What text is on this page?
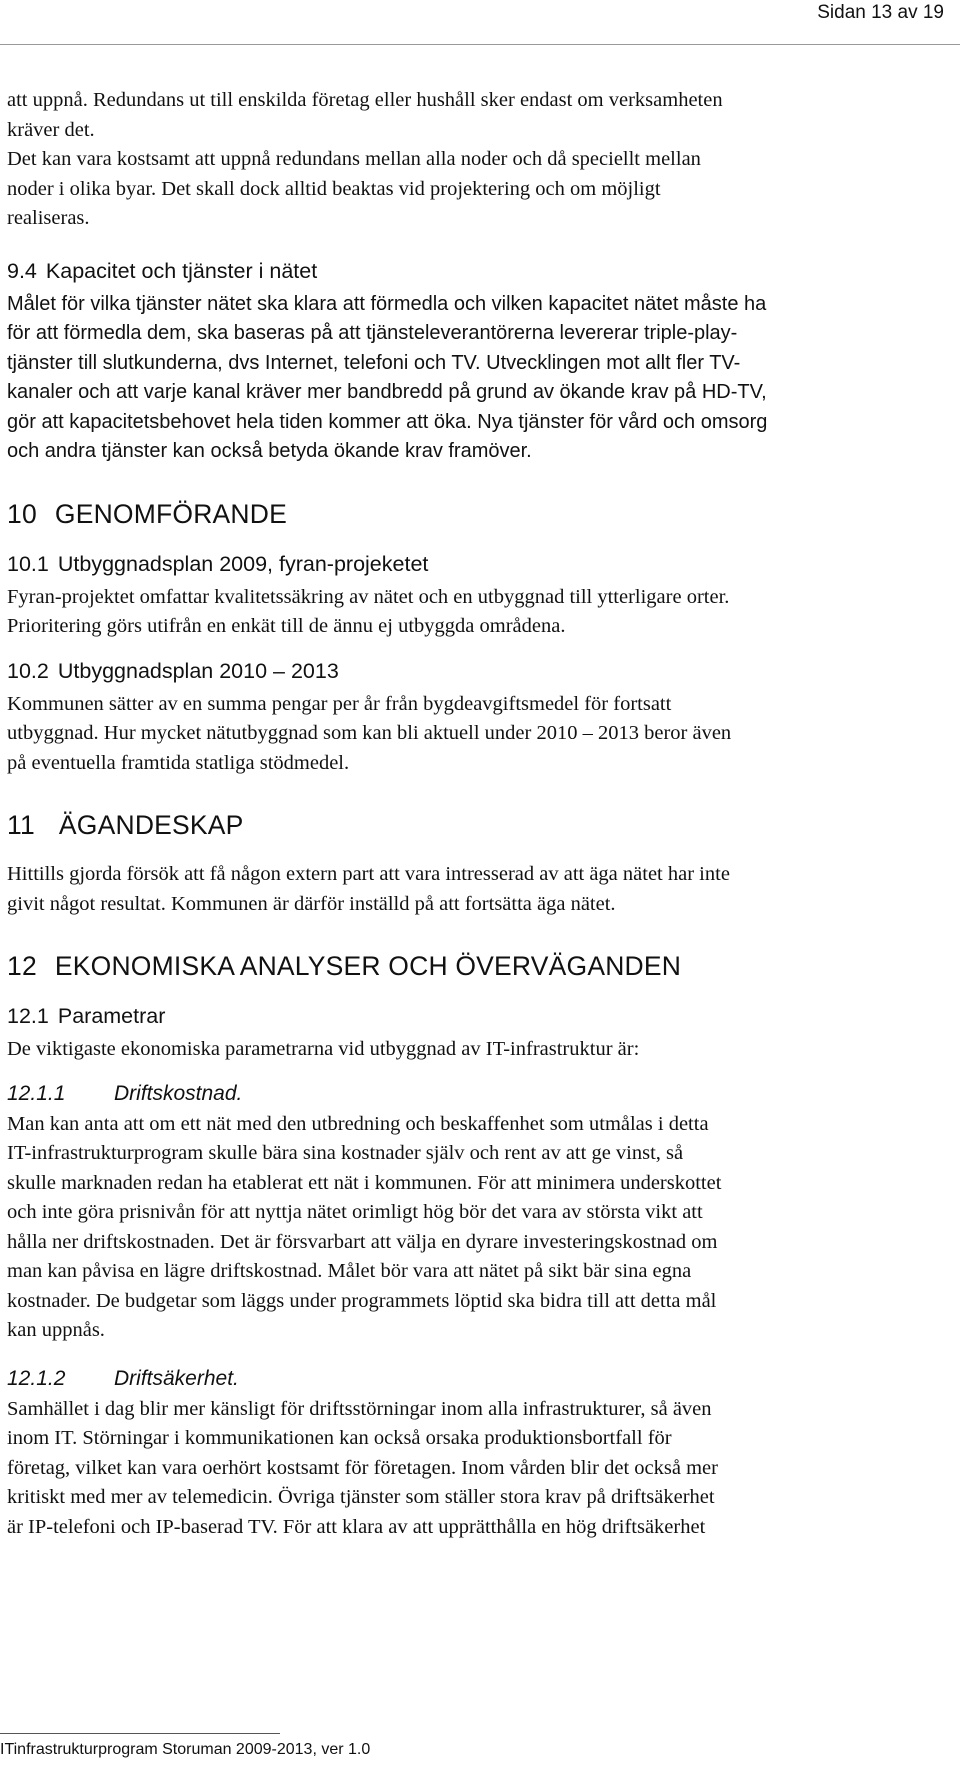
Sidan 13 av 19

att uppnå. Redundans ut till enskilda företag eller hushåll sker endast om verksamheten
kräver det.
Det kan vara kostsamt att uppnå redundans mellan alla noder och då speciellt mellan
noder i olika byar. Det skall dock alltid beaktas vid projektering och om möjligt
realiseras.

9.4 Kapacitet och tjänster i nätet

Målet för vilka tjänster nätet ska klara att förmedla och vilken kapacitet nätet måste ha
för att förmedla dem, ska baseras på att tjänsteleverantörerna levererar triple-play-
tjänster till slutkunderna, dvs Internet, telefoni och TV. Utvecklingen mot allt fler TV-
kanaler och att varje kanal kräver mer bandbredd på grund av ökande krav på HD-TV,
gör att kapacitetsbehovet hela tiden kommer att öka. Nya tjänster för vård och omsorg
och andra tjänster kan också betyda ökande krav framöver.

10 GENOMFÖRANDE
10.1 Utbyggnadsplan 2009, fyran-projeketet

Fyran-projektet omfattar kvalitetssäkring av nätet och en utbyggnad till ytterligare orter.
Prioritering görs utifrån en enkät till de ännu ej utbyggda områdena.

10.2 Utbyggnadsplan 2010 – 2013

Kommunen sätter av en summa pengar per år från bygdeavgiftsmedel för fortsatt
utbyggnad. Hur mycket nätutbyggnad som kan bli aktuell under 2010 – 2013 beror även
på eventuella framtida statliga stödmedel.

11 ÄGANDESKAP

Hittills gjorda försök att få någon extern part att vara intresserad av att äga nätet har inte
givit något resultat. Kommunen är därför inställd på att fortsätta äga nätet.

12 EKONOMISKA ANALYSER OCH ÖVERVÄGANDEN
12.1 Parametrar

De viktigaste ekonomiska parametrarna vid utbyggnad av IT-infrastruktur är:

12.1.1 Driftskostnad.

Man kan anta att om ett nät med den utbredning och beskaffenhet som utmålas i detta
IT-infrastrukturprogram skulle bära sina kostnader själv och rent av att ge vinst, så
skulle marknaden redan ha etablerat ett nät i kommunen. För att minimera underskottet
och inte göra prisnivån för att nyttja nätet orimligt hög bör det vara av största vikt att
hålla ner driftskostnaden. Det är försvarbart att välja en dyrare investeringskostnad om
man kan påvisa en lägre driftskostnad. Målet bör vara att nätet på sikt bär sina egna
kostnader. De budgetar som läggs under programmets löptid ska bidra till att detta mål
kan uppnås.

12.1.2 Driftsäkerhet.

Samhället i dag blir mer känsligt för driftsstörningar inom alla infrastrukturer, så även
inom IT. Störningar i kommunikationen kan också orsaka produktionsbortfall för
företag, vilket kan vara oerhört kostsamt för företagen. Inom vården blir det också mer
kritiskt med mer av telemedicin. Övriga tjänster som ställer stora krav på driftsäkerhet
är IP-telefoni och IP-baserad TV. För att klara av att upprätthålla en hög driftsäkerhet

ITinfrastrukturprogram Storuman 2009-2013, ver 1.0
